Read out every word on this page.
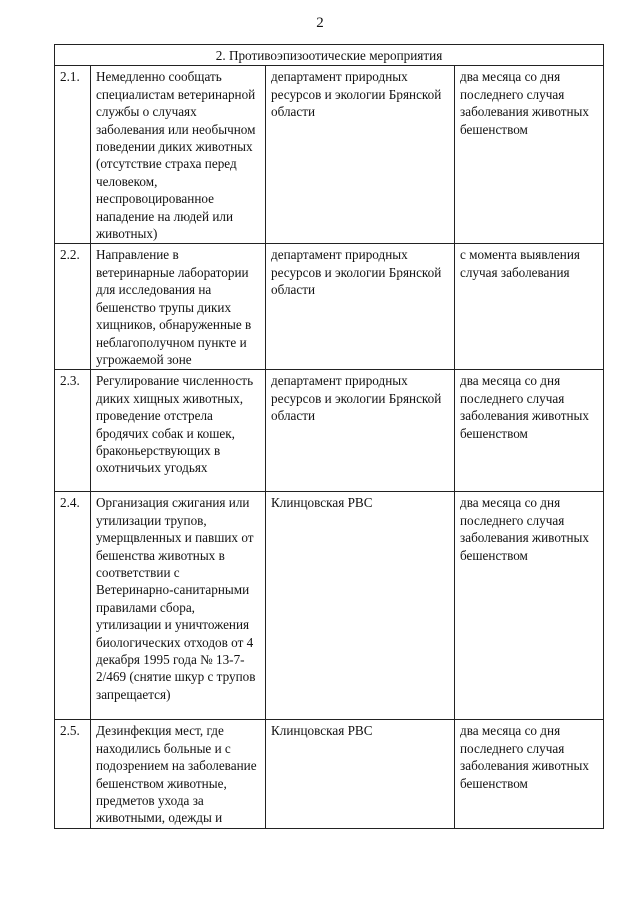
2
2. Противоэпизоотические мероприятия			
2.1.	Немедленно сообщать специалистам ветеринарной службы о случаях заболевания или необычном поведении диких животных (отсутствие страха перед человеком, неспровоцированное нападение на людей или животных)	департамент природных ресурсов и экологии Брянской области	два месяца со дня последнего случая заболевания животных бешенством
2.2.	Направление в ветеринарные лаборатории для исследования на бешенство трупы диких хищников, обнаруженные в неблагополучном пункте и угрожаемой зоне	департамент природных ресурсов и экологии Брянской области	с момента выявления случая заболевания
2.3.	Регулирование численность диких хищных животных, проведение отстрела бродячих собак и кошек, браконьерствующих в охотничьих угодьях	департамент природных ресурсов и экологии Брянской области	два месяца со дня последнего случая заболевания животных бешенством
2.4.	Организация сжигания или утилизации трупов, умерщвленных и павших от бешенства животных в соответствии с Ветеринарно-санитарными правилами сбора, утилизации и уничтожения биологических отходов от 4 декабря 1995 года № 13-7-2/469 (снятие шкур с трупов запрещается)	Клинцовская РВС	два месяца со дня последнего случая заболевания животных бешенством
2.5.	Дезинфекция мест, где находились больные и с подозрением на заболевание бешенством животные, предметов ухода за животными, одежды и	Клинцовская РВС	два месяца со дня последнего случая заболевания животных бешенством
